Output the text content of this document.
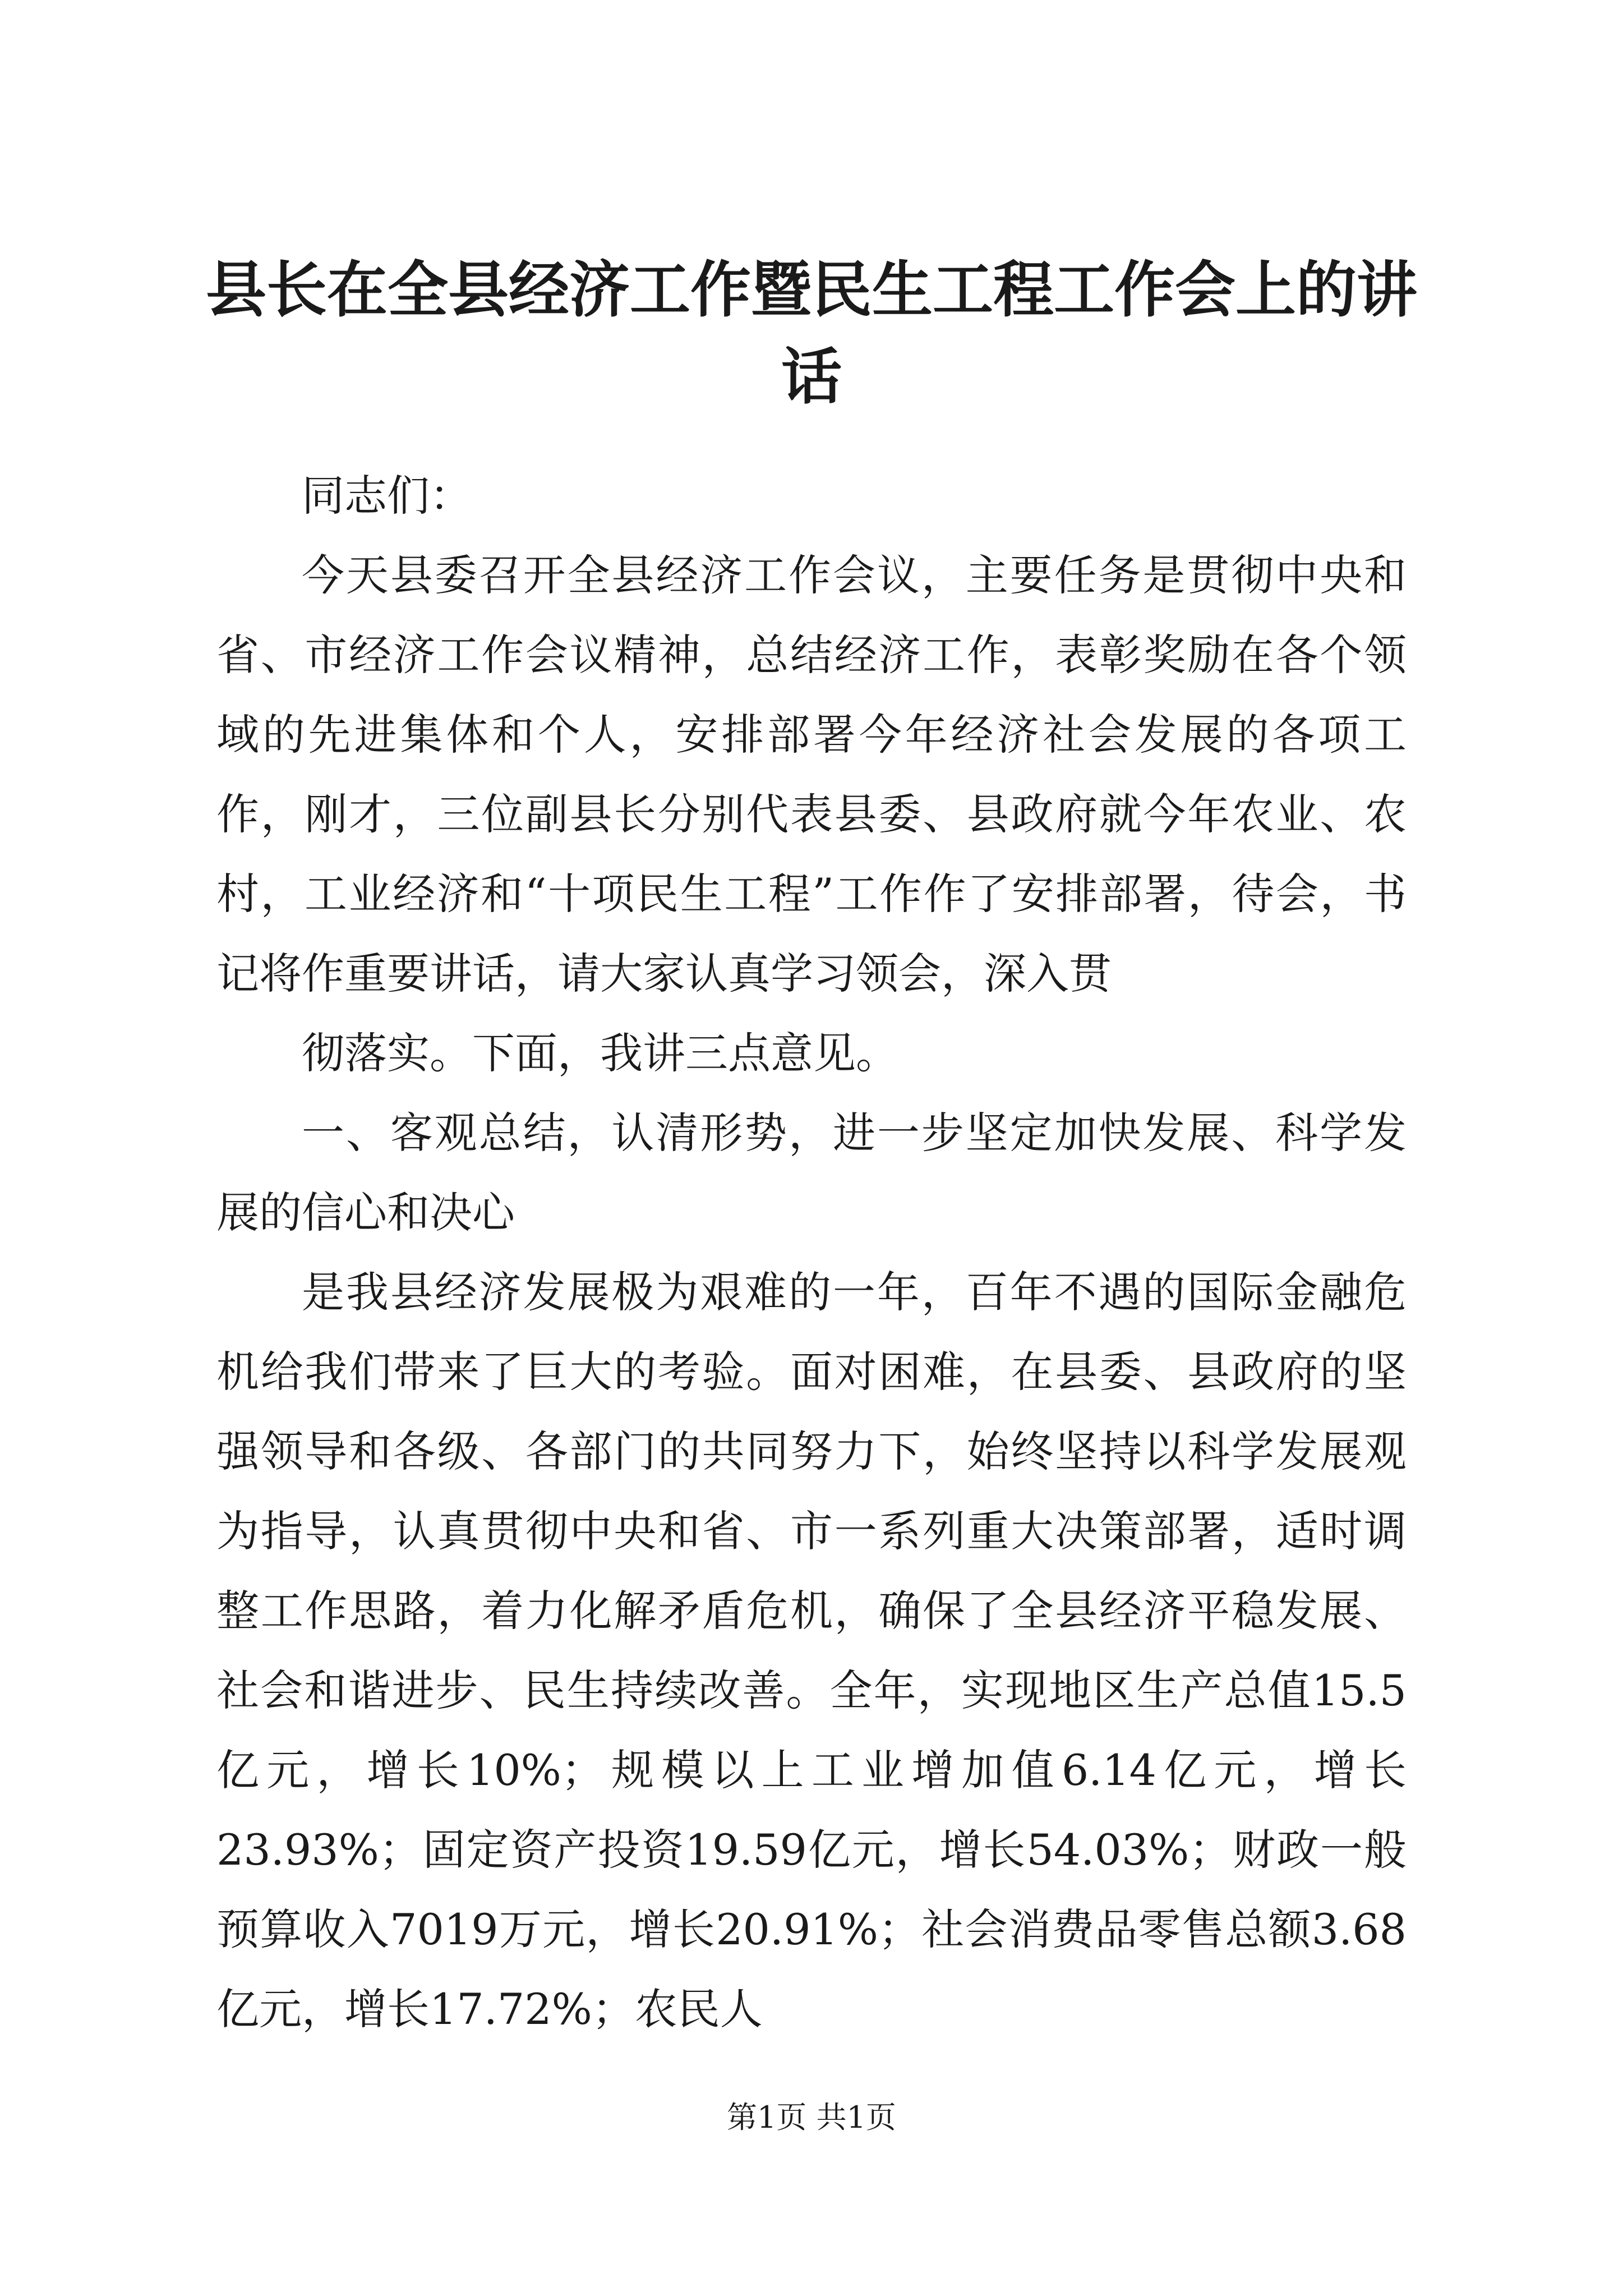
县长在全县经济工作暨民生工程工作会上的讲话

同志们：

今天县委召开全县经济工作会议，主要任务是贯彻中央和省、市经济工作会议精神，总结经济工作，表彰奖励在各个领域的先进集体和个人，安排部署今年经济社会发展的各项工作，刚才，三位副县长分别代表县委、县政府就今年农业、农村，工业经济和“十项民生工程”工作作了安排部署，待会，书记将作重要讲话，请大家认真学习领会，深入贯

彻落实。下面，我讲三点意见。

一、客观总结，认清形势，进一步坚定加快发展、科学发展的信心和决心

是我县经济发展极为艰难的一年，百年不遇的国际金融危机给我们带来了巨大的考验。面对困难，在县委、县政府的坚强领导和各级、各部门的共同努力下，始终坚持以科学发展观为指导，认真贯彻中央和省、市一系列重大决策部署，适时调整工作思路，着力化解矛盾危机，确保了全县经济平稳发展、社会和谐进步、民生持续改善。全年，实现地区生产总值15.5亿元，增长10%；规模以上工业增加值6.14亿元，增长23.93%；固定资产投资19.59亿元，增长54.03%；财政一般预算收入7019万元，增长20.91%；社会消费品零售总额3.68亿元，增长17.72%；农民人

第1页 共1页
